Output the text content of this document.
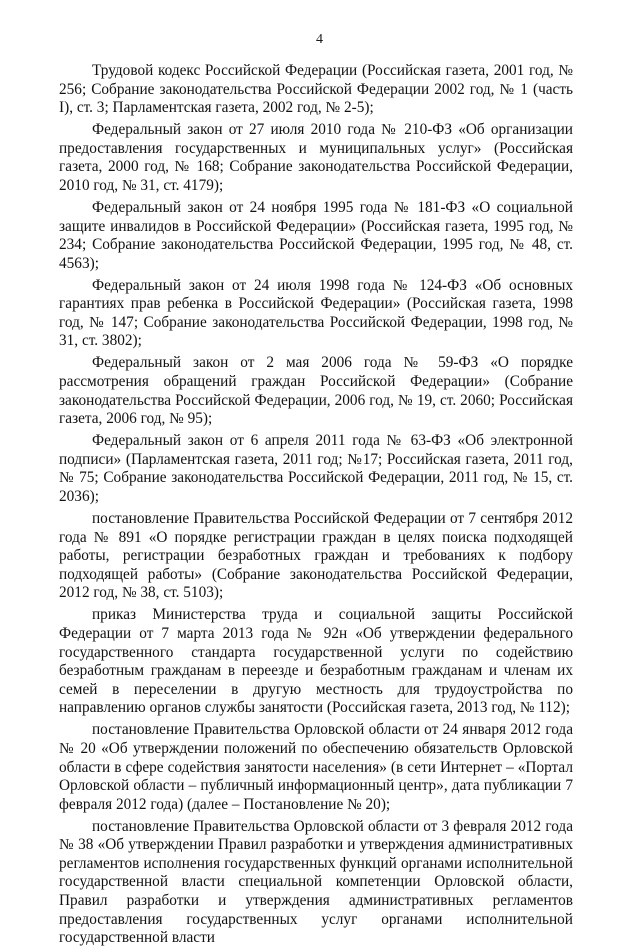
4

Трудовой кодекс Российской Федерации (Российская газета, 2001 год, № 256; Собрание законодательства Российской Федерации 2002 год, № 1 (часть I), ст. 3; Парламентская газета, 2002 год, № 2-5);

Федеральный закон от 27 июля 2010 года № 210-ФЗ «Об организации предоставления государственных и муниципальных услуг» (Российская газета, 2000 год, № 168; Собрание законодательства Российской Федерации, 2010 год, № 31, ст. 4179);

Федеральный закон от 24 ноября 1995 года № 181-ФЗ «О социальной защите инвалидов в Российской Федерации» (Российская газета, 1995 год, № 234; Собрание законодательства Российской Федерации, 1995 год, № 48, ст. 4563);

Федеральный закон от 24 июля 1998 года № 124-ФЗ «Об основных гарантиях прав ребенка в Российской Федерации» (Российская газета, 1998 год, № 147; Собрание законодательства Российской Федерации, 1998 год, № 31, ст. 3802);

Федеральный закон от 2 мая 2006 года № 59-ФЗ «О порядке рассмотрения обращений граждан Российской Федерации» (Собрание законодательства Российской Федерации, 2006 год, № 19, ст. 2060; Российская газета, 2006 год, № 95);

Федеральный закон от 6 апреля 2011 года № 63-ФЗ «Об электронной подписи» (Парламентская газета, 2011 год; №17; Российская газета, 2011 год, № 75; Собрание законодательства Российской Федерации, 2011 год, № 15, ст. 2036);

постановление Правительства Российской Федерации от 7 сентября 2012 года № 891 «О порядке регистрации граждан в целях поиска подходящей работы, регистрации безработных граждан и требованиях к подбору подходящей работы» (Собрание законодательства Российской Федерации, 2012 год, № 38, ст. 5103);

приказ Министерства труда и социальной защиты Российской Федерации от 7 марта 2013 года № 92н «Об утверждении федерального государственного стандарта государственной услуги по содействию безработным гражданам в переезде и безработным гражданам и членам их семей в переселении в другую местность для трудоустройства по направлению органов службы занятости (Российская газета, 2013 год, № 112);

постановление Правительства Орловской области от 24 января 2012 года № 20 «Об утверждении положений по обеспечению обязательств Орловской области в сфере содействия занятости населения» (в сети Интернет – «Портал Орловской области – публичный информационный центр», дата публикации 7 февраля 2012 года) (далее – Постановление № 20);

постановление Правительства Орловской области от 3 февраля 2012 года № 38 «Об утверждении Правил разработки и утверждения административных регламентов исполнения государственных функций органами исполнительной государственной власти специальной компетенции Орловской области, Правил разработки и утверждения административных регламентов предоставления государственных услуг органами исполнительной государственной власти
